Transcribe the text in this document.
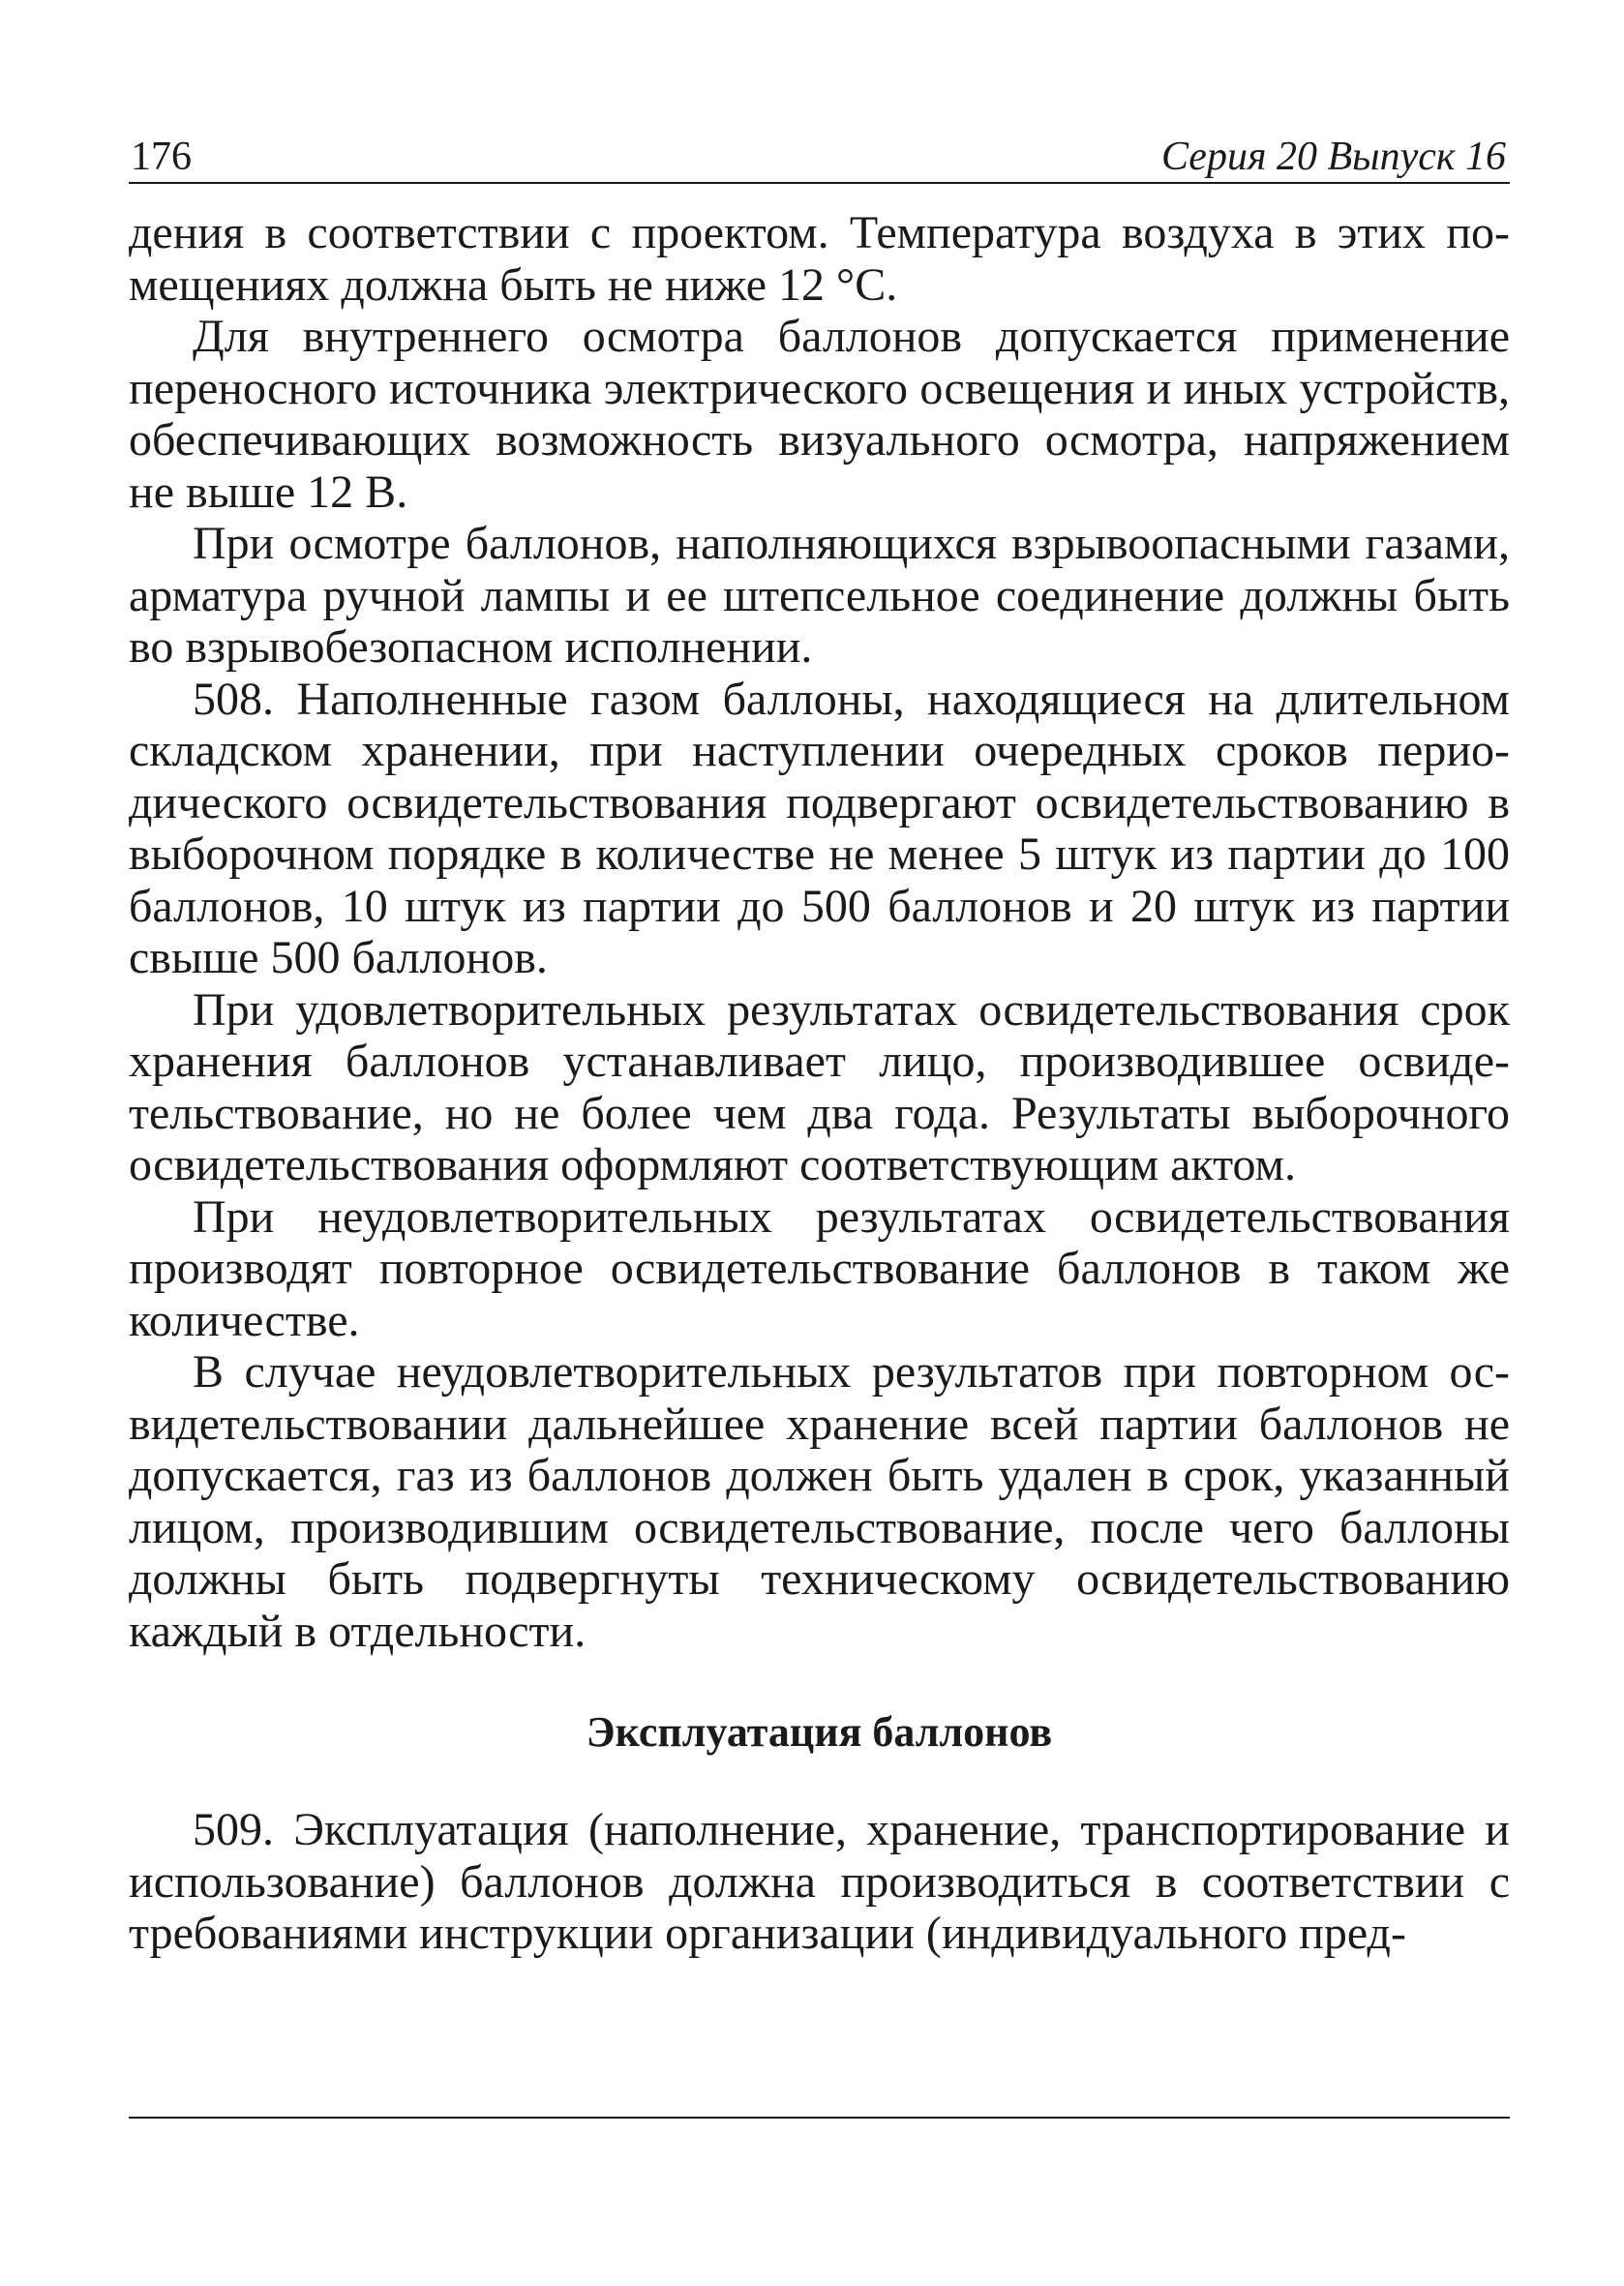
176	Серия 20 Выпуск 16

дения в соответствии с проектом. Температура воздуха в этих помещениях должна быть не ниже 12 °С.

Для внутреннего осмотра баллонов допускается применение переносного источника электрического освещения и иных устройств, обеспечивающих возможность визуального осмотра, напряжением не выше 12 В.

При осмотре баллонов, наполняющихся взрывоопасными газами, арматура ручной лампы и ее штепсельное соединение должны быть во взрывобезопасном исполнении.

508. Наполненные газом баллоны, находящиеся на длительном складском хранении, при наступлении очередных сроков периодического освидетельствования подвергают освидетельствованию в выборочном порядке в количестве не менее 5 штук из партии до 100 баллонов, 10 штук из партии до 500 баллонов и 20 штук из партии свыше 500 баллонов.

При удовлетворительных результатах освидетельствования срок хранения баллонов устанавливает лицо, производившее освидетельствование, но не более чем два года. Результаты выборочного освидетельствования оформляют соответствующим актом.

При неудовлетворительных результатах освидетельствования производят повторное освидетельствование баллонов в таком же количестве.

В случае неудовлетворительных результатов при повторном освидетельствовании дальнейшее хранение всей партии баллонов не допускается, газ из баллонов должен быть удален в срок, указанный лицом, производившим освидетельствование, после чего баллоны должны быть подвергнуты техническому освидетельствованию каждый в отдельности.

Эксплуатация баллонов

509. Эксплуатация (наполнение, хранение, транспортирование и использование) баллонов должна производиться в соответствии с требованиями инструкции организации (индивидуального пред-
